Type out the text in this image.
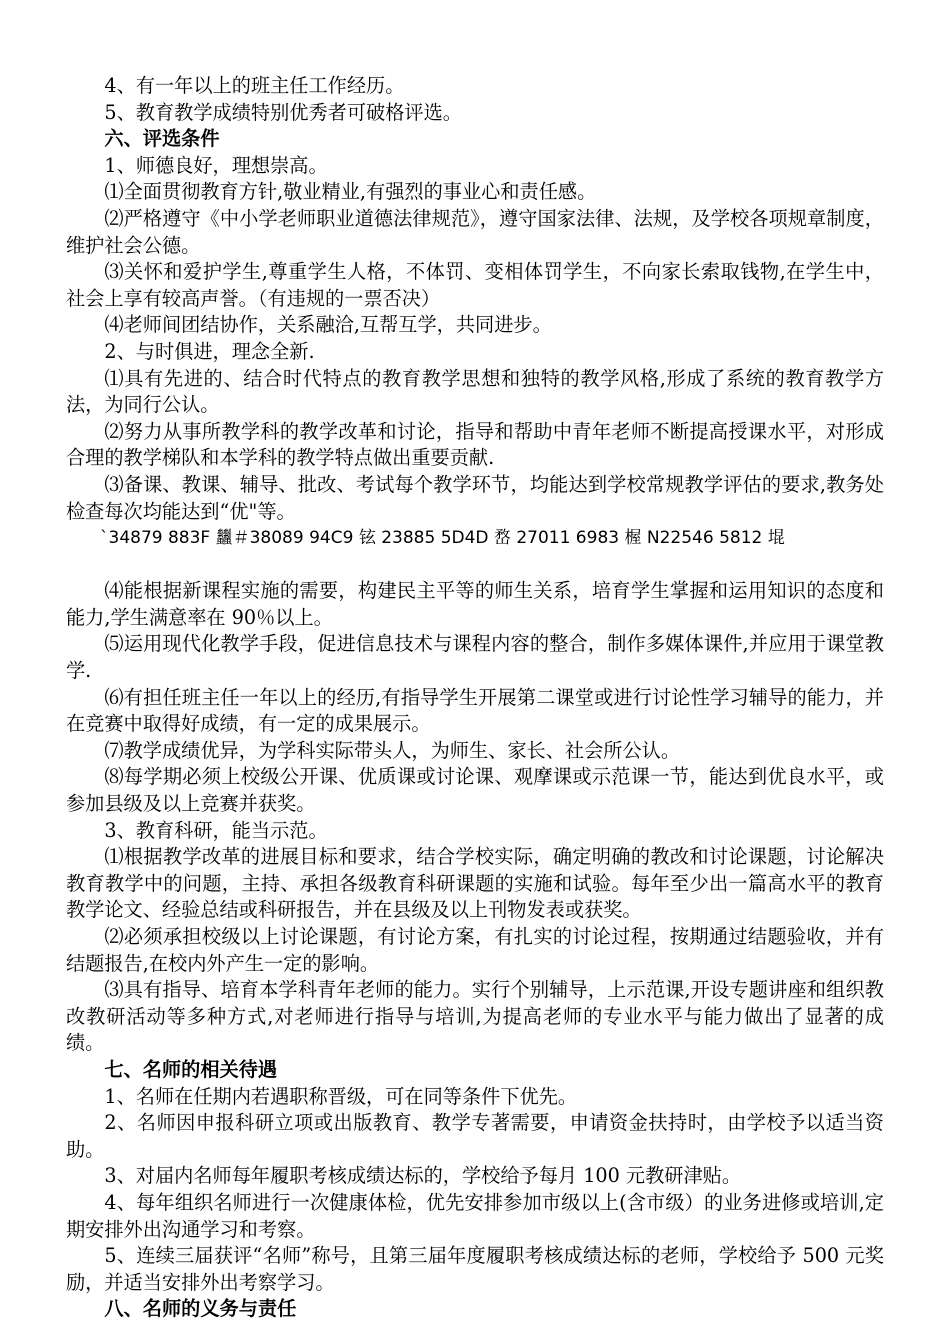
4、有一年以上的班主任工作经历。

5、教育教学成绩特别优秀者可破格评选。

六、评选条件

1、师德良好，理想崇高。

⑴全面贯彻教育方针,敬业精业,有强烈的事业心和责任感。

⑵严格遵守《中小学老师职业道德法律规范》，遵守国家法律、法规，及学校各项规章制度，维护社会公德。

⑶关怀和爱护学生,尊重学生人格，不体罚、变相体罚学生，不向家长索取钱物,在学生中，社会上享有较高声誉。（有违规的一票否决）

⑷老师间团结协作，关系融洽,互帮互学，共同进步。

2、与时俱进，理念全新.

⑴具有先进的、结合时代特点的教育教学思想和独特的教学风格,形成了系统的教育教学方法，为同行公认。

⑵努力从事所教学科的教学改革和讨论，指导和帮助中青年老师不断提高授课水平，对形成合理的教学梯队和本学科的教学特点做出重要贡献.

⑶备课、教课、辅导、批改、考试每个教学环节，均能达到学校常规教学评估的要求,教务处检查每次均能达到“优"等。

`34879 883F 蠿＃38089 94C9 铉 23885 5D4D 嵍 27011 6983 楃 N22546 5812 堒

⑷能根据新课程实施的需要，构建民主平等的师生关系，培育学生掌握和运用知识的态度和能力,学生满意率在 90％以上。

⑸运用现代化教学手段，促进信息技术与课程内容的整合，制作多媒体课件,并应用于课堂教学.

⑹有担任班主任一年以上的经历,有指导学生开展第二课堂或进行讨论性学习辅导的能力，并在竞赛中取得好成绩，有一定的成果展示。

⑺教学成绩优异，为学科实际带头人，为师生、家长、社会所公认。

⑻每学期必须上校级公开课、优质课或讨论课、观摩课或示范课一节，能达到优良水平，或参加县级及以上竞赛并获奖。

3、教育科研，能当示范。

⑴根据教学改革的进展目标和要求，结合学校实际，确定明确的教改和讨论课题，讨论解决教育教学中的问题，主持、承担各级教育科研课题的实施和试验。每年至少出一篇高水平的教育教学论文、经验总结或科研报告，并在县级及以上刊物发表或获奖。

⑵必须承担校级以上讨论课题，有讨论方案，有扎实的讨论过程，按期通过结题验收，并有结题报告,在校内外产生一定的影响。

⑶具有指导、培育本学科青年老师的能力。实行个别辅导，上示范课,开设专题讲座和组织教改教研活动等多种方式,对老师进行指导与培训,为提高老师的专业水平与能力做出了显著的成绩。

七、名师的相关待遇

1、名师在任期内若遇职称晋级，可在同等条件下优先。

2、名师因申报科研立项或出版教育、教学专著需要，申请资金扶持时，由学校予以适当资助。

3、对届内名师每年履职考核成绩达标的，学校给予每月 100 元教研津贴。

4、每年组织名师进行一次健康体检，优先安排参加市级以上(含市级）的业务进修或培训,定期安排外出沟通学习和考察。

5、连续三届获评“名师”称号，且第三届年度履职考核成绩达标的老师，学校给予 500 元奖励，并适当安排外出考察学习。

八、名师的义务与责任
